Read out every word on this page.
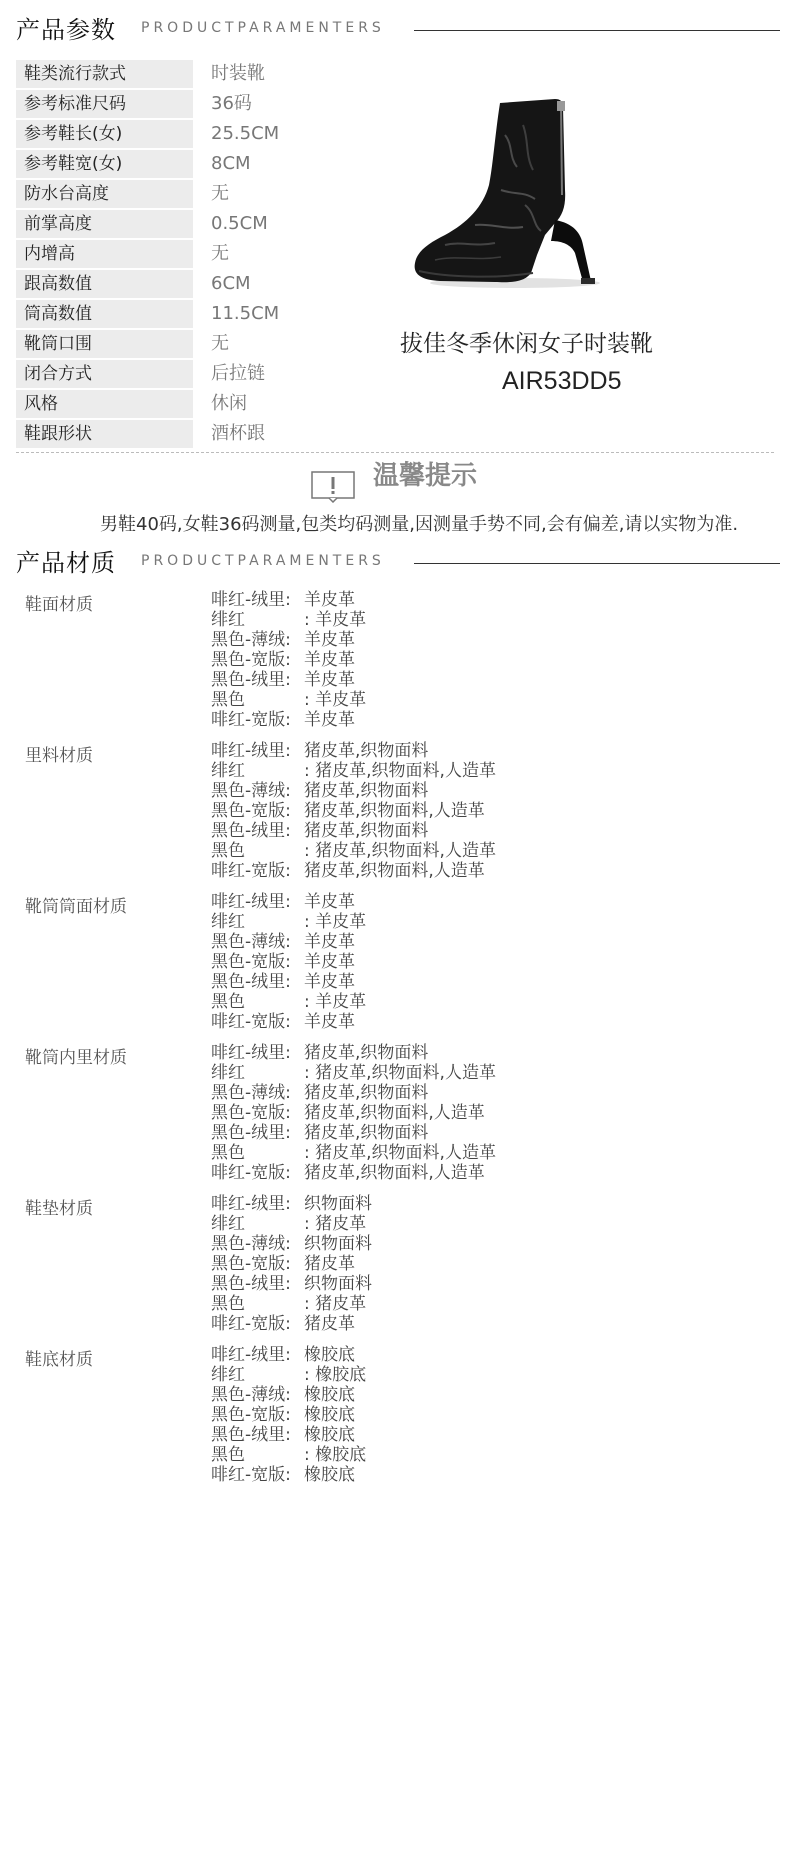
产品参数 PRODUCTPARAMENTERS
鞋类流行款式	时装靴
参考标准尺码	36码
参考鞋长(女)	25.5CM
参考鞋宽(女)	8CM
防水台高度	无
前掌高度	0.5CM
内增高	无
跟高数值	6CM
筒高数值	11.5CM
靴筒口围	无
闭合方式	后拉链
风格	休闲
鞋跟形状	酒杯跟
拔佳冬季休闲女子时装靴
AIR53DD5
温馨提示
男鞋40码,女鞋36码测量,包类均码测量,因测量手势不同,会有偏差,请以实物为准.
产品材质 PRODUCTPARAMENTERS
鞋面材质	啡红-绒里: 羊皮革
绯红	: 羊皮革
黑色-薄绒: 羊皮革
黑色-宽版: 羊皮革
黑色-绒里: 羊皮革
黑色	: 羊皮革
啡红-宽版: 羊皮革
里料材质	啡红-绒里: 猪皮革,织物面料
绯红	: 猪皮革,织物面料,人造革
黑色-薄绒: 猪皮革,织物面料
黑色-宽版: 猪皮革,织物面料,人造革
黑色-绒里: 猪皮革,织物面料
黑色	: 猪皮革,织物面料,人造革
啡红-宽版: 猪皮革,织物面料,人造革
靴筒筒面材质	啡红-绒里: 羊皮革
绯红	: 羊皮革
黑色-薄绒: 羊皮革
黑色-宽版: 羊皮革
黑色-绒里: 羊皮革
黑色	: 羊皮革
啡红-宽版: 羊皮革
靴筒内里材质	啡红-绒里: 猪皮革,织物面料
绯红	: 猪皮革,织物面料,人造革
黑色-薄绒: 猪皮革,织物面料
黑色-宽版: 猪皮革,织物面料,人造革
黑色-绒里: 猪皮革,织物面料
黑色	: 猪皮革,织物面料,人造革
啡红-宽版: 猪皮革,织物面料,人造革
鞋垫材质	啡红-绒里: 织物面料
绯红	: 猪皮革
黑色-薄绒: 织物面料
黑色-宽版: 猪皮革
黑色-绒里: 织物面料
黑色	: 猪皮革
啡红-宽版: 猪皮革
鞋底材质	啡红-绒里: 橡胶底
绯红	: 橡胶底
黑色-薄绒: 橡胶底
黑色-宽版: 橡胶底
黑色-绒里: 橡胶底
黑色	: 橡胶底
啡红-宽版: 橡胶底
